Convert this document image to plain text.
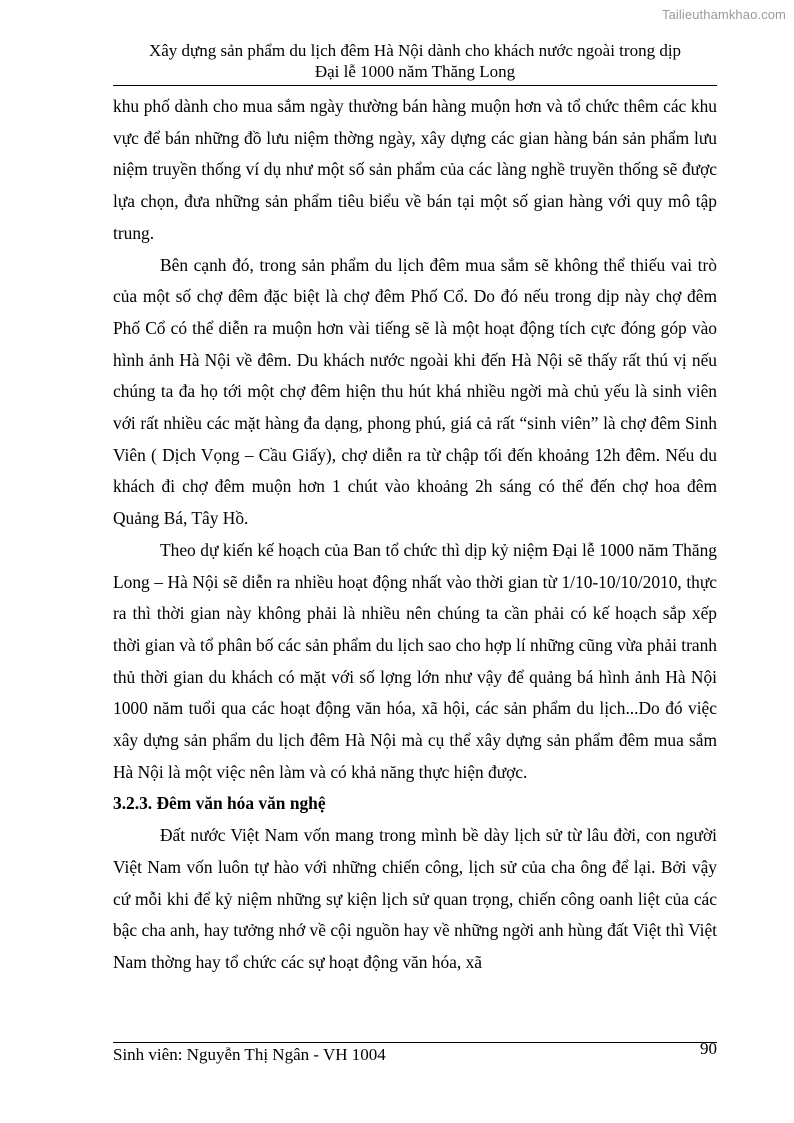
Tailieuthamkhao.com
Xây dựng sản phẩm du lịch đêm Hà Nội dành cho khách nước ngoài trong dịp
Đại lễ 1000 năm Thăng Long

khu phố dành cho mua sắm ngày thường bán hàng muộn hơn và tổ chức thêm các khu vực để bán những đồ lưu niệm thờng ngày, xây dựng các gian hàng bán sản phẩm lưu niệm truyền thống ví dụ như một số sản phẩm của các làng nghề truyền thống sẽ được lựa chọn, đưa những sản phẩm tiêu biểu về bán tại một số gian hàng với quy mô tập trung.

Bên cạnh đó, trong sản phẩm du lịch đêm mua sắm sẽ không thể thiếu vai trò của một số chợ đêm đặc biệt là chợ đêm Phố Cổ. Do đó nếu trong dịp này chợ đêm Phố Cổ có thể diễn ra muộn hơn vài tiếng sẽ là một hoạt động tích cực đóng góp vào hình ảnh Hà Nội về đêm. Du khách nước ngoài khi đến Hà Nội sẽ thấy rất thú vị nếu chúng ta đa họ tới một chợ đêm hiện thu hút khá nhiều ngời mà chủ yếu là sinh viên với rất nhiều các mặt hàng đa dạng, phong phú, giá cả rất “sinh viên” là chợ đêm Sinh Viên ( Dịch Vọng – Cầu Giấy), chợ diễn ra từ chập tối đến khoảng 12h đêm. Nếu du khách đi chợ đêm muộn hơn 1 chút vào khoảng 2h sáng có thể đến chợ hoa đêm Quảng Bá, Tây Hồ.

Theo dự kiến kế hoạch của Ban tổ chức thì dịp kỷ niệm Đại lễ 1000 năm Thăng Long – Hà Nội sẽ diễn ra nhiều hoạt động nhất vào thời gian từ 1/10-10/10/2010, thực ra thì thời gian này không phải là nhiều nên chúng ta cần phải có kế hoạch sắp xếp thời gian và tổ phân bố các sản phẩm du lịch sao cho hợp lí những cũng vừa phải tranh thủ thời gian du khách có mặt với số lợng lớn như vậy để quảng bá hình ảnh Hà Nội 1000 năm tuổi qua các hoạt động văn hóa, xã hội, các sản phẩm du lịch...Do đó việc xây dựng sản phẩm du lịch đêm Hà Nội mà cụ thể xây dựng sản phẩm đêm mua sắm Hà Nội là một việc nên làm và có khả năng thực hiện được.

3.2.3. Đêm văn hóa văn nghệ

Đất nước Việt Nam vốn mang trong mình bề dày lịch sử từ lâu đời, con người Việt Nam vốn luôn tự hào với những chiến công, lịch sử của cha ông để lại. Bởi vậy cứ mỗi khi để kỷ niệm những sự kiện lịch sử quan trọng, chiến công oanh liệt của các bậc cha anh, hay tưởng nhớ về cội nguồn hay về những ngời anh hùng đất Việt thì Việt Nam thờng hay tổ chức các sự hoạt động văn hóa, xã

Sinh viên: Nguyễn Thị Ngân - VH 1004	90
